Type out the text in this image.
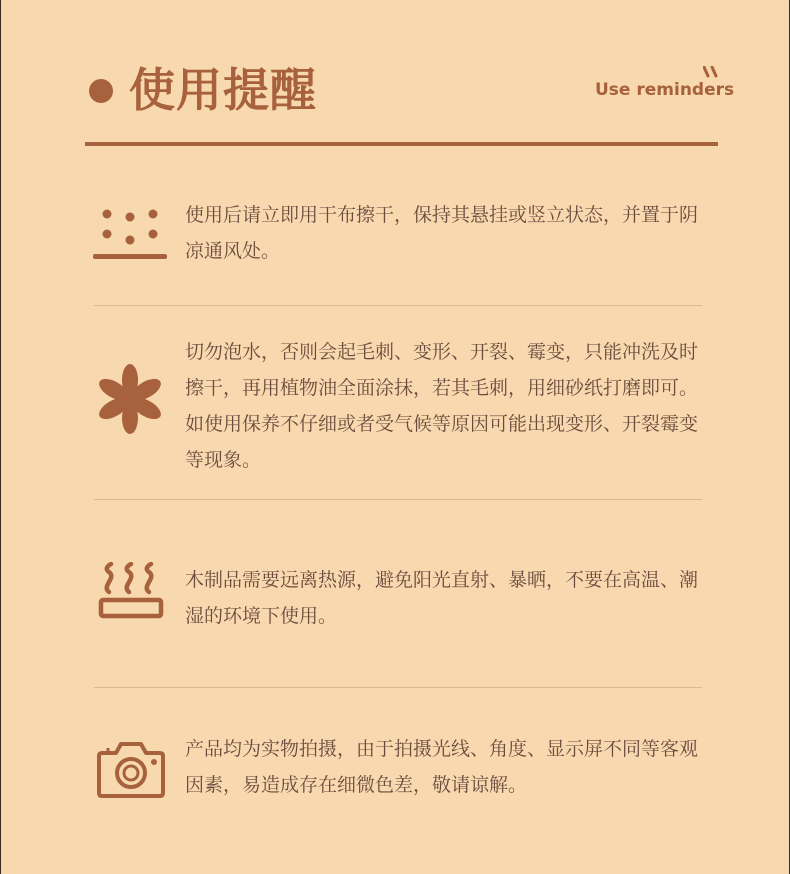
使用提醒	Use reminders

使用后请立即用干布擦干，保持其悬挂或竖立状态，并置于阴凉通风处。

切勿泡水，否则会起毛刺、变形、开裂、霉变，只能冲洗及时擦干，再用植物油全面涂抹，若其毛刺，用细砂纸打磨即可。如使用保养不仔细或者受气候等原因可能出现变形、开裂霉变等现象。

木制品需要远离热源，避免阳光直射、暴晒，不要在高温、潮湿的环境下使用。

产品均为实物拍摄，由于拍摄光线、角度、显示屏不同等客观因素，易造成存在细微色差，敬请谅解。
